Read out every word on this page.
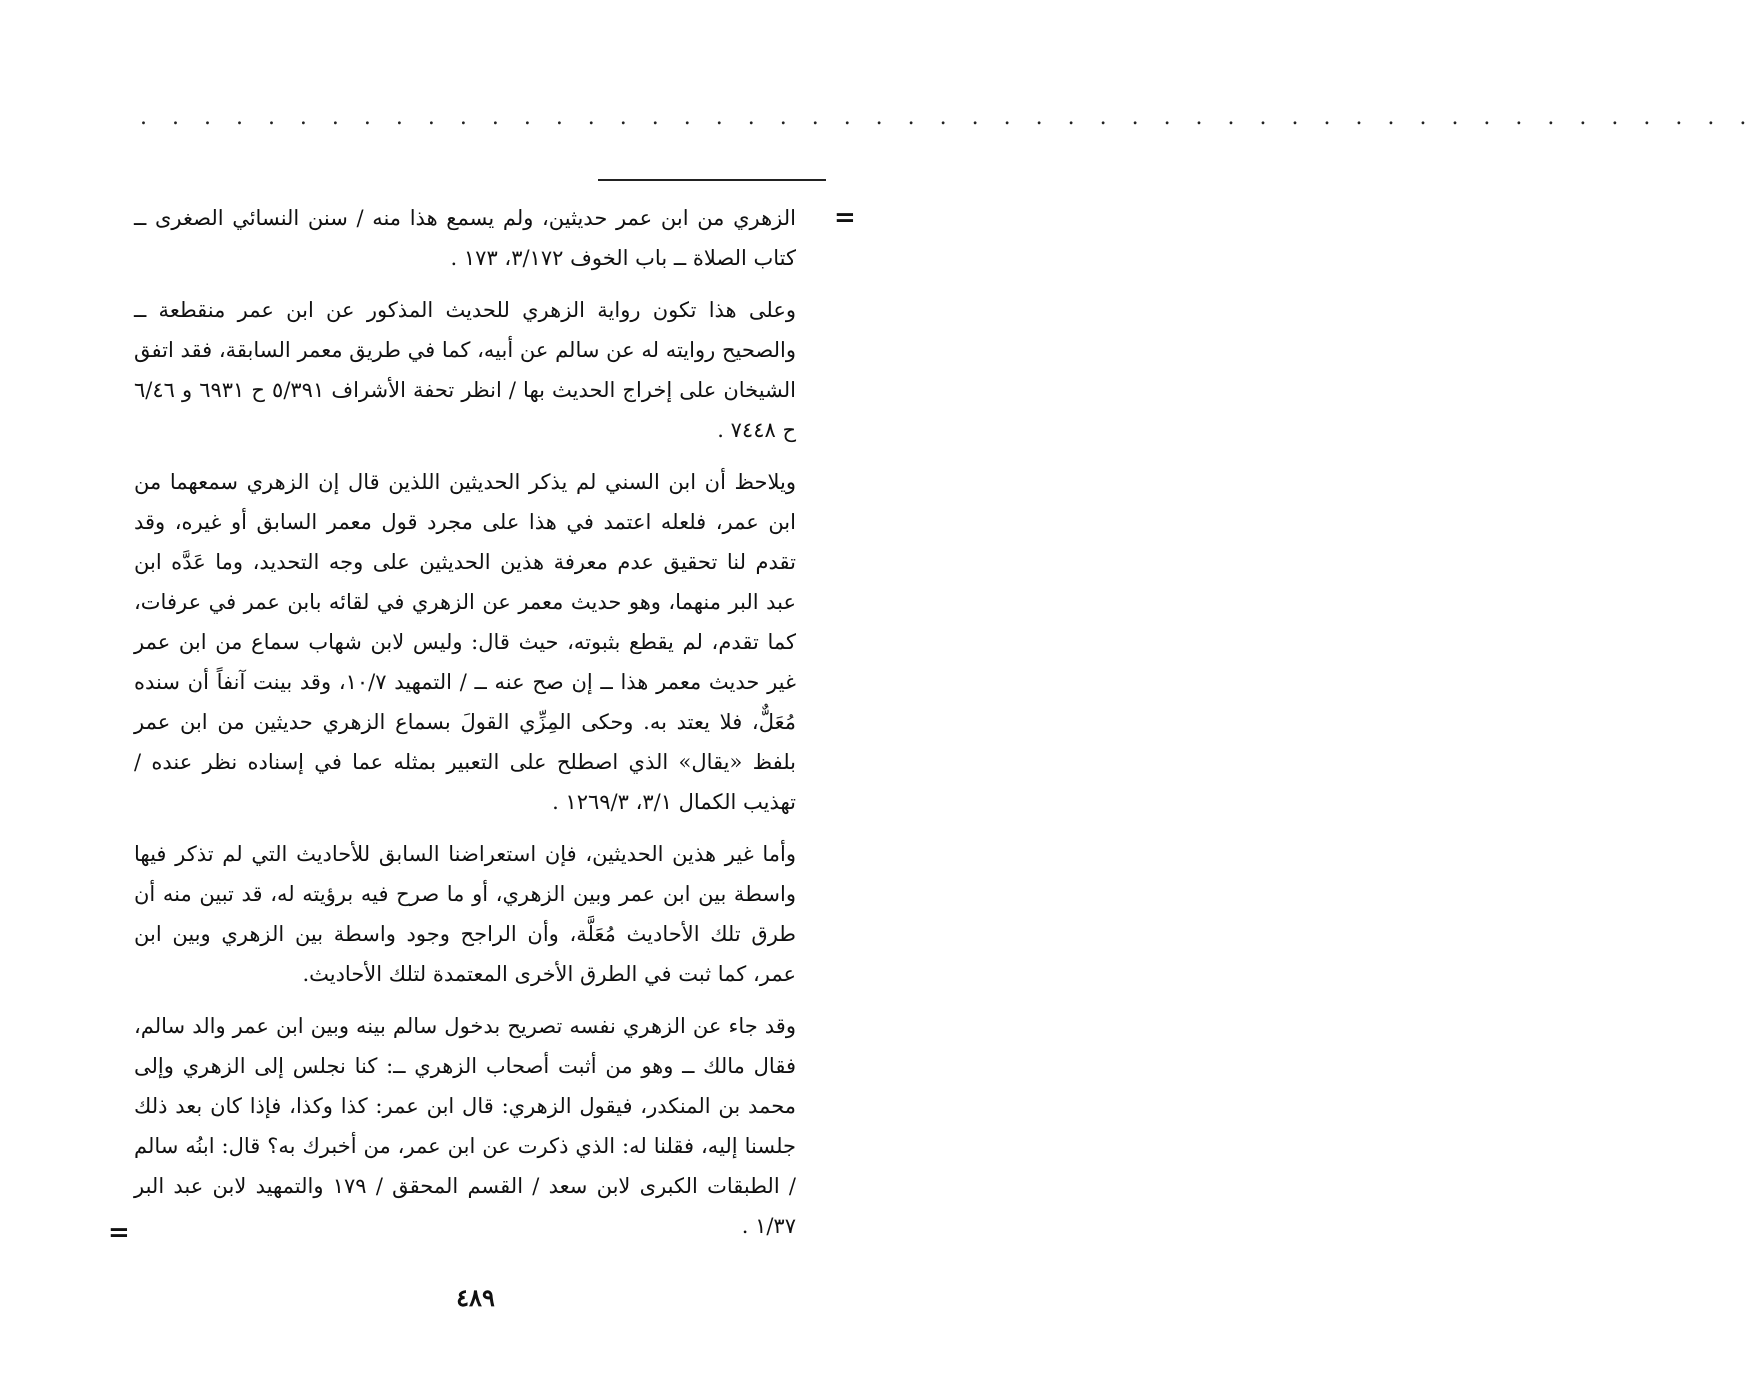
. . . . . . . . . . . . . . . . . . . . . . . . . . . . . . . . . . . . . . . . . . . . . . . . . . .
=

الزهري من ابن عمر حديثين، ولم يسمع هذا منه / سنن النسائي الصغرى ــ كتاب الصلاة ــ باب الخوف ٣/١٧٢، ١٧٣ .

وعلى هذا تكون رواية الزهري للحديث المذكور عن ابن عمر منقطعة ــ والصحيح روايته له عن سالم عن أبيه، كما في طريق معمر السابقة، فقد اتفق الشيخان على إخراج الحديث بها / انظر تحفة الأشراف ٥/٣٩١ ح ٦٩٣١ و ٦/٤٦ ح ٧٤٤٨ .

ويلاحظ أن ابن السني لم يذكر الحديثين اللذين قال إن الزهري سمعهما من ابن عمر، فلعله اعتمد في هذا على مجرد قول معمر السابق أو غيره، وقد تقدم لنا تحقيق عدم معرفة هذين الحديثين على وجه التحديد، وما عَدَّه ابن عبد البر منهما، وهو حديث معمر عن الزهري في لقائه بابن عمر في عرفات، كما تقدم، لم يقطع بثبوته، حيث قال: وليس لابن شهاب سماع من ابن عمر غير حديث معمر هذا ــ إن صح عنه ــ / التمهيد ١٠/٧، وقد بينت آنفاً أن سنده مُعَلٌّ، فلا يعتد به. وحكى المِزِّي القولَ بسماع الزهري حديثين من ابن عمر بلفظ «يقال» الذي اصطلح على التعبير بمثله عما في إسناده نظر عنده / تهذيب الكمال ٣/١، ١٢٦٩/٣ .

وأما غير هذين الحديثين، فإن استعراضنا السابق للأحاديث التي لم تذكر فيها واسطة بين ابن عمر وبين الزهري، أو ما صرح فيه برؤيته له، قد تبين منه أن طرق تلك الأحاديث مُعَلَّة، وأن الراجح وجود واسطة بين الزهري وبين ابن عمر، كما ثبت في الطرق الأخرى المعتمدة لتلك الأحاديث.

وقد جاء عن الزهري نفسه تصريح بدخول سالم بينه وبين ابن عمر والد سالم، فقال مالك ــ وهو من أثبت أصحاب الزهري ــ: كنا نجلس إلى الزهري وإلى محمد بن المنكدر، فيقول الزهري: قال ابن عمر: كذا وكذا، فإذا كان بعد ذلك جلسنا إليه، فقلنا له: الذي ذكرت عن ابن عمر، من أخبرك به؟ قال: ابنُه سالم / الطبقات الكبرى لابن سعد / القسم المحقق / ١٧٩ والتمهيد لابن عبد البر ١/٣٧ .

=
٤٨٩
